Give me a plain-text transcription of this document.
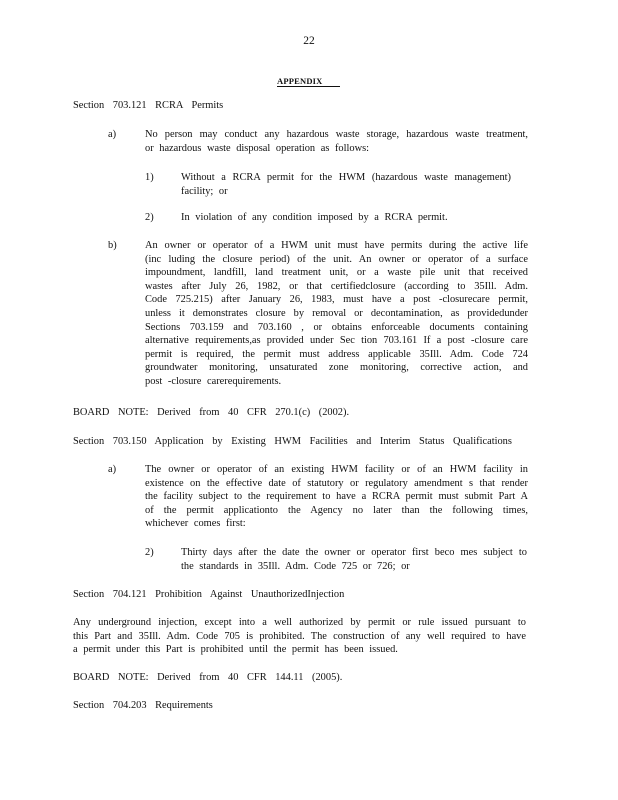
22
APPENDIX
Section 703.121 RCRA Permits
a)	No person may conduct any hazardous waste storage, hazardous waste treatment,
or hazardous waste disposal operation as follows:
1)	Without a RCRA permit for the HWM (hazardous waste management)
facility; or
2)	In violation of any condition imposed by a RCRA permit.
b)	An owner or operator of a HWM unit must have permits during the active life
(inc luding the closure period) of the unit. An owner or operator of a surface
impoundment, landfill, land treatment unit, or a waste pile unit that received
wastes after July 26, 1982, or that certifiedclosure (according to 35Ill. Adm.
Code 725.215) after January 26, 1983, must have a post -closurecare permit,
unless it demonstrates closure by removal or decontamination, as providedunder
Sections 703.159 and 703.160 , or obtains enforceable documents containing
alternative requirements,as provided under Sec tion 703.161 If a post -closure care
permit is required, the permit must address applicable 35Ill. Adm. Code 724
groundwater monitoring, unsaturated zone monitoring, corrective action, and
post -closure carerequirements.
BOARD NOTE: Derived from 40 CFR 270.1(c) (2002).
Section 703.150 Application by Existing HWM Facilities and Interim Status Qualifications
a)	The owner or operator of an existing HWM facility or of an HWM facility in
existence on the effective date of statutory or regulatory amendment s that render
the facility subject to the requirement to have a RCRA permit must submit Part A
of the permit applicationto the Agency no later than the following times,
whichever comes first:
2)	Thirty days after the date the owner or operator first beco mes subject to
the standards in 35Ill. Adm. Code 725 or 726; or
Section 704.121 Prohibition Against UnauthorizedInjection
Any underground injection, except into a well authorized by permit or rule issued pursuant to
this Part and 35Ill. Adm. Code 705 is prohibited. The construction of any well required to have
a permit under this Part is prohibited until the permit has been issued.
BOARD NOTE: Derived from 40 CFR 144.11 (2005).
Section 704.203 Requirements
